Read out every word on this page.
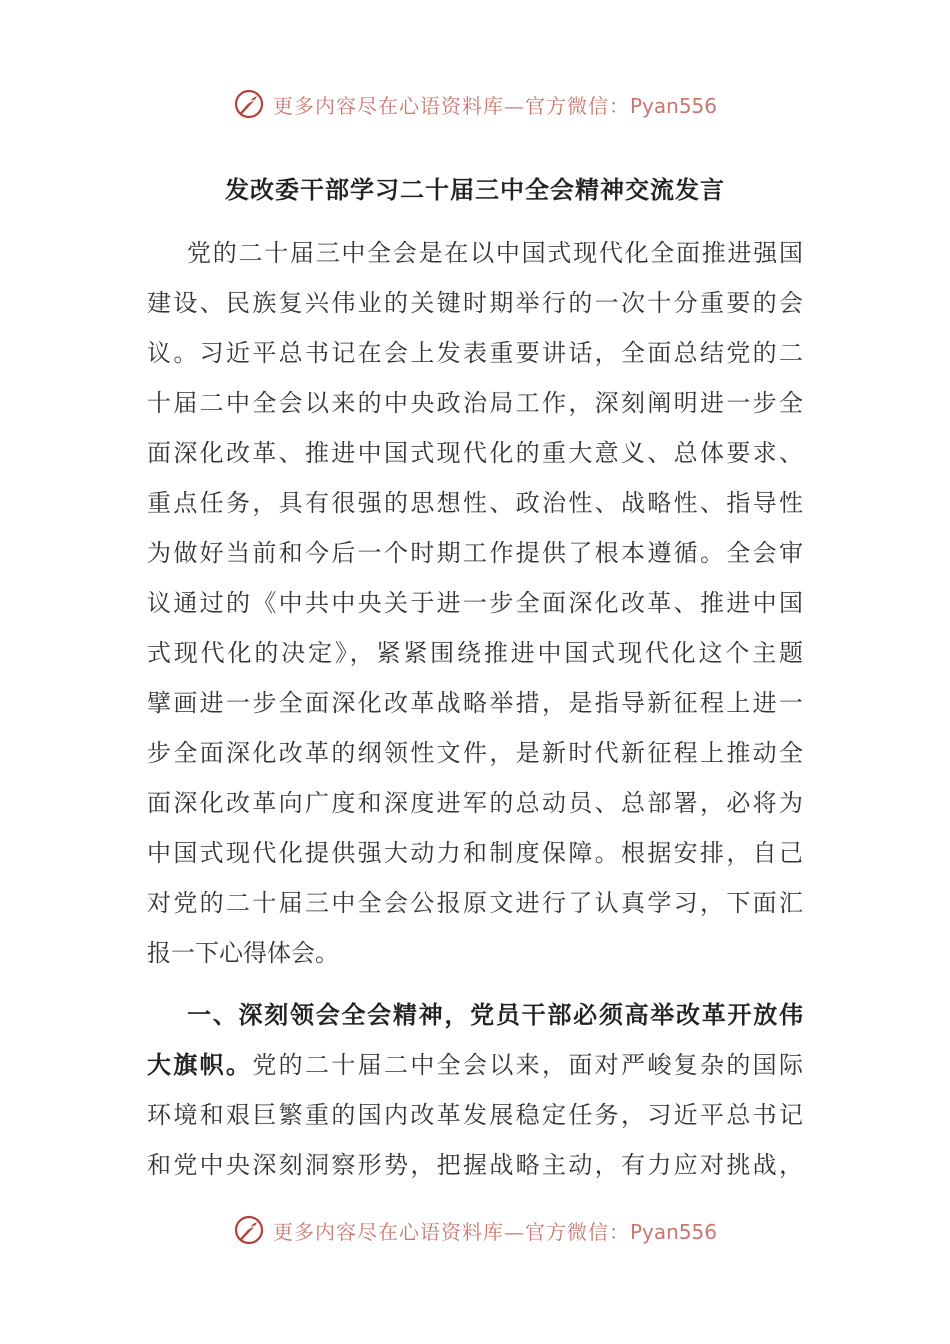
更多内容尽在心语资料库—官方微信：Pyan556
发改委干部学习二十届三中全会精神交流发言
党的二十届三中全会是在以中国式现代化全面推进强国
建设、民族复兴伟业的关键时期举行的一次十分重要的会
议。习近平总书记在会上发表重要讲话，全面总结党的二
十届二中全会以来的中央政治局工作，深刻阐明进一步全
面深化改革、推进中国式现代化的重大意义、总体要求、
重点任务，具有很强的思想性、政治性、战略性、指导性
为做好当前和今后一个时期工作提供了根本遵循。全会审
议通过的《中共中央关于进一步全面深化改革、推进中国
式现代化的决定》，紧紧围绕推进中国式现代化这个主题
擘画进一步全面深化改革战略举措，是指导新征程上进一
步全面深化改革的纲领性文件，是新时代新征程上推动全
面深化改革向广度和深度进军的总动员、总部署，必将为
中国式现代化提供强大动力和制度保障。根据安排，自己
对党的二十届三中全会公报原文进行了认真学习，下面汇
报一下心得体会。
一、深刻领会全会精神，党员干部必须高举改革开放伟
大旗帜。党的二十届二中全会以来，面对严峻复杂的国际
环境和艰巨繁重的国内改革发展稳定任务，习近平总书记
和党中央深刻洞察形势，把握战略主动，有力应对挑战，
更多内容尽在心语资料库—官方微信：Pyan556
